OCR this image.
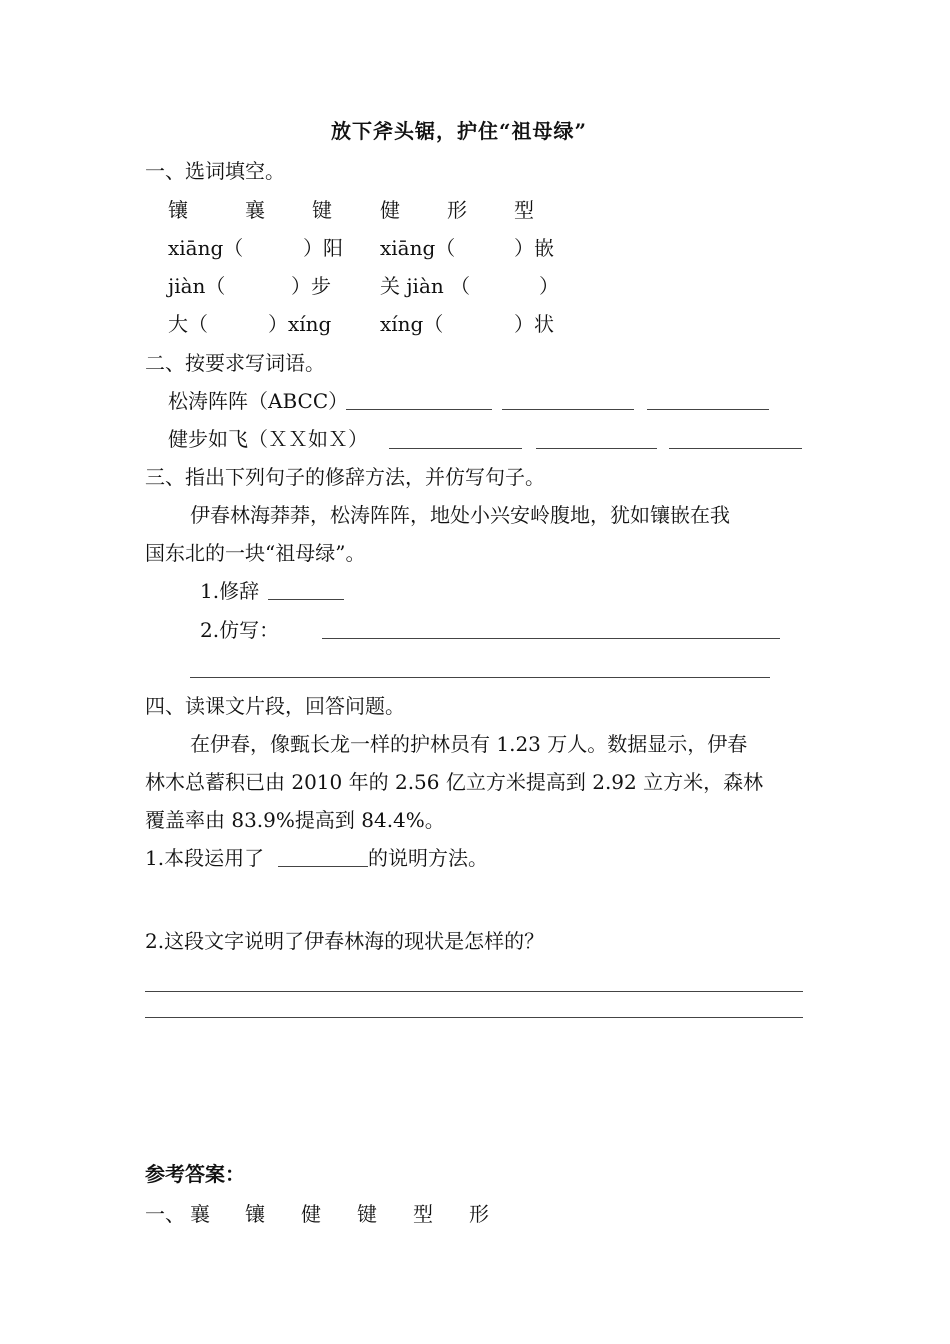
放下斧头锯，护住“祖母绿”
一、选词填空。
镶	襄 键 健 形 型
xiāng（	）阳 xiāng（	）嵌
jiàn（	）步 关 jiàn （	）
大（	）xíng xíng（	）状
二、按要求写词语。
松涛阵阵（ABCC）
健步如飞（ＸＸ如Ｘ）
三、指出下列句子的修辞方法，并仿写句子。
伊春林海莽莽，松涛阵阵，地处小兴安岭腹地，犹如镶嵌在我
国东北的一块“祖母绿”。
1.修辞
2.仿写：
四、读课文片段，回答问题。
在伊春，像甄长龙一样的护林员有 1.23 万人。数据显示，伊春
林木总蓄积已由 2010 年的 2.56 亿立方米提高到 2.92 立方米，森林
覆盖率由 83.9%提高到 84.4%。
1.本段运用了	的说明方法。
2.这段文字说明了伊春林海的现状是怎样的？
参考答案：
一、 襄 镶 健 键 型 形
